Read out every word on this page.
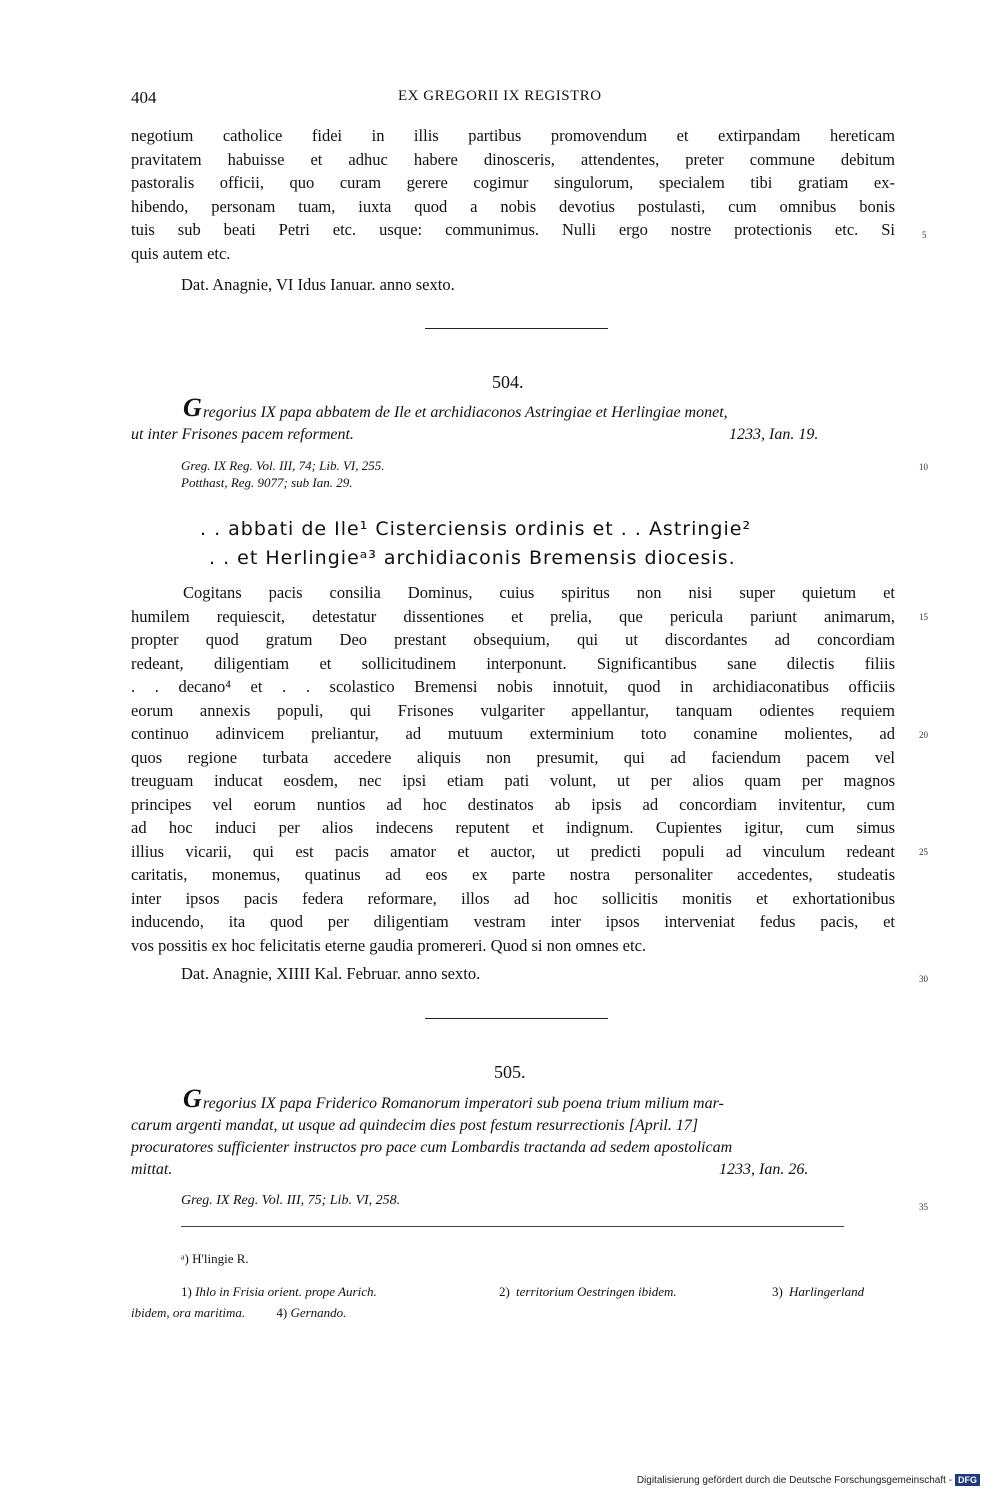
404	EX GREGORII IX REGISTRO
negotium catholice fidei in illis partibus promovendum et extirpandam hereticam
pravitatem habuisse et adhuc habere dinosceris, attendentes, preter commune debitum
pastoralis officii, quo curam gerere cogimur singulorum, specialem tibi gratiam ex-
hibendo, personam tuam, iuxta quod a nobis devotius postulasti, cum omnibus bonis
tuis sub beati Petri etc. usque: communimus. Nulli ergo nostre protectionis etc. Si
quis autem etc.
Dat. Anagnie, VI Idus Ianuar. anno sexto.
504.
G regorius IX papa abbatem de Ile et archidiaconos Astringiae et Herlingiae monet,
ut inter Frisones pacem reforment.	1233, Ian. 19.
Greg. IX Reg. Vol. III, 74; Lib. VI, 255.
Potthast, Reg. 9077; sub Ian. 29.
. . abbati de Ile¹ Cisterciensis ordinis et . . Astringie²
. . et Herlingieᵃ³ archidiaconis Bremensis diocesis.
Cogitans pacis consilia Dominus, cuius spiritus non nisi super quietum et
humilem requiescit, detestatur dissentiones et prelia, que pericula pariunt animarum,
propter quod gratum Deo prestant obsequium, qui ut discordantes ad concordiam
redeant, diligentiam et sollicitudinem interponunt. Significantibus sane dilectis filiis
. . decano⁴ et . . scolastico Bremensi nobis innotuit, quod in archidiaconatibus officiis
eorum annexis populi, qui Frisones vulgariter appellantur, tanquam odientes requiem
continuo adinvicem preliantur, ad mutuum exterminium toto conamine molientes, ad
quos regione turbata accedere aliquis non presumit, qui ad faciendum pacem vel
treuguam inducat eosdem, nec ipsi etiam pati volunt, ut per alios quam per magnos
principes vel eorum nuntios ad hoc destinatos ab ipsis ad concordiam invitentur, cum
ad hoc induci per alios indecens reputent et indignum. Cupientes igitur, cum simus
illius vicarii, qui est pacis amator et auctor, ut predicti populi ad vinculum redeant
caritatis, monemus, quatinus ad eos ex parte nostra personaliter accedentes, studeatis
inter ipsos pacis federa reformare, illos ad hoc sollicitis monitis et exhortationibus
inducendo, ita quod per diligentiam vestram inter ipsos interveniat fedus pacis, et
vos possitis ex hoc felicitatis eterne gaudia promereri. Quod si non omnes etc.
Dat. Anagnie, XIIII Kal. Februar. anno sexto.
505.
G regorius IX papa Friderico Romanorum imperatori sub poena trium milium mar-
carum argenti mandat, ut usque ad quindecim dies post festum resurrectionis [April. 17]
procuratores sufficienter instructos pro pace cum Lombardis tractanda ad sedem apostolicam
mittat.	1233, Ian. 26.
Greg. IX Reg. Vol. III, 75; Lib. VI, 258.
ᵃ) H'lingie R.
1) Ihlo in Frisia orient. prope Aurich.	2) territorium Oestringen ibidem.	3) Harlingerland
ibidem, ora maritima. 4) Gernando.
5
10
15
20
25
30
35
Digitalisierung gefördert durch die Deutsche Forschungsgemeinschaft - DFG
